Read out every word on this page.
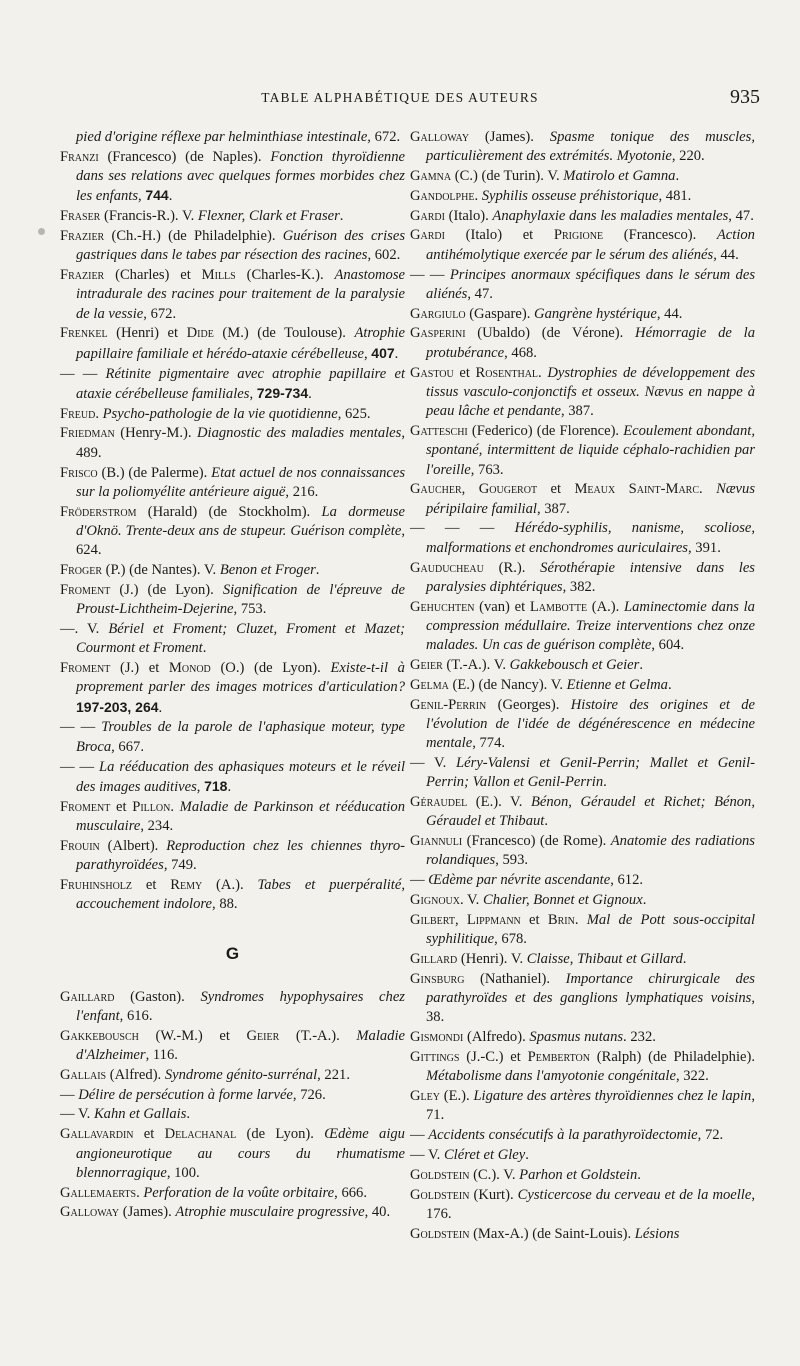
TABLE ALPHABÉTIQUE DES AUTEURS	935

pied d'origine réflexe par helminthiase intestinale, 672.

Franzi (Francesco) (de Naples). Fonction thyroïdienne dans ses relations avec quelques formes morbides chez les enfants, 744.

Fraser (Francis-R.). V. Flexner, Clark et Fraser.

Frazier (Ch.-H.) (de Philadelphie). Guérison des crises gastriques dans le tabes par résection des racines, 602.

Frazier (Charles) et Mills (Charles-K.). Anastomose intradurale des racines pour traitement de la paralysie de la vessie, 672.

Frenkel (Henri) et Dide (M.) (de Toulouse). Atrophie papillaire familiale et hérédo-ataxie cérébelleuse, 407.

— — Rétinite pigmentaire avec atrophie papillaire et ataxie cérébelleuse familiales, 729-734.

Freud. Psycho-pathologie de la vie quotidienne, 625.

Friedman (Henry-M.). Diagnostic des maladies mentales, 489.

Frisco (B.) (de Palerme). Etat actuel de nos connaissances sur la poliomyélite antérieure aiguë, 216.

Fröderstrom (Harald) (de Stockholm). La dormeuse d'Oknö. Trente-deux ans de stupeur. Guérison complète, 624.

Froger (P.) (de Nantes). V. Benon et Froger.

Froment (J.) (de Lyon). Signification de l'épreuve de Proust-Lichtheim-Dejerine, 753.

—. V. Bériel et Froment; Cluzet, Froment et Mazet; Courmont et Froment.

Froment (J.) et Monod (O.) (de Lyon). Existe-t-il à proprement parler des images motrices d'articulation? 197-203, 264.

— — Troubles de la parole de l'aphasique moteur, type Broca, 667.

— — La rééducation des aphasiques moteurs et le réveil des images auditives, 718.

Froment et Pillon. Maladie de Parkinson et rééducation musculaire, 234.

Frouin (Albert). Reproduction chez les chiennes thyro-parathyroïdées, 749.

Fruhinsholz et Remy (A.). Tabes et puerpéralité, accouchement indolore, 88.

G

Gaillard (Gaston). Syndromes hypophysaires chez l'enfant, 616.

Gakkebousch (W.-M.) et Geier (T.-A.). Maladie d'Alzheimer, 116.

Gallais (Alfred). Syndrome génito-surrénal, 221.

— Délire de persécution à forme larvée, 726.

— V. Kahn et Gallais.

Gallavardin et Delachanal (de Lyon). Œdème aigu angioneurotique au cours du rhumatisme blennorragique, 100.

Gallemaerts. Perforation de la voûte orbitaire, 666.

Galloway (James). Atrophie musculaire progressive, 40.

Galloway (James). Spasme tonique des muscles, particulièrement des extrémités. Myotonie, 220.

Gamna (C.) (de Turin). V. Matirolo et Gamna.

Gandolphe. Syphilis osseuse préhistorique, 481.

Gardi (Italo). Anaphylaxie dans les maladies mentales, 47.

Gardi (Italo) et Prigione (Francesco). Action antihémolytique exercée par le sérum des aliénés, 44.

— — Principes anormaux spécifiques dans le sérum des aliénés, 47.

Gargiulo (Gaspare). Gangrène hystérique, 44.

Gasperini (Ubaldo) (de Vérone). Hémorragie de la protubérance, 468.

Gastou et Rosenthal. Dystrophies de développement des tissus vasculo-conjonctifs et osseux. Nævus en nappe à peau lâche et pendante, 387.

Gatteschi (Federico) (de Florence). Ecoulement abondant, spontané, intermittent de liquide céphalo-rachidien par l'oreille, 763.

Gaucher, Gougerot et Meaux Saint-Marc. Nævus péripilaire familial, 387.

— — — Hérédo-syphilis, nanisme, scoliose, malformations et enchondromes auriculaires, 391.

Gauducheau (R.). Sérothérapie intensive dans les paralysies diphtériques, 382.

Gehuchten (van) et Lambotte (A.). Laminectomie dans la compression médullaire. Treize interventions chez onze malades. Un cas de guérison complète, 604.

Geier (T.-A.). V. Gakkebousch et Geier.

Gelma (E.) (de Nancy). V. Etienne et Gelma.

Genil-Perrin (Georges). Histoire des origines et de l'évolution de l'idée de dégénérescence en médecine mentale, 774.

— V. Léry-Valensi et Genil-Perrin; Mallet et Genil-Perrin; Vallon et Genil-Perrin.

Géraudel (E.). V. Bénon, Géraudel et Richet; Bénon, Géraudel et Thibaut.

Giannuli (Francesco) (de Rome). Anatomie des radiations rolandiques, 593.

— Œdème par névrite ascendante, 612.

Gignoux. V. Chalier, Bonnet et Gignoux.

Gilbert, Lippmann et Brin. Mal de Pott sous-occipital syphilitique, 678.

Gillard (Henri). V. Claisse, Thibaut et Gillard.

Ginsburg (Nathaniel). Importance chirurgicale des parathyroïdes et des ganglions lymphatiques voisins, 38.

Gismondi (Alfredo). Spasmus nutans. 232.

Gittings (J.-C.) et Pemberton (Ralph) (de Philadelphie). Métabolisme dans l'amyotonie congénitale, 322.

Gley (E.). Ligature des artères thyroïdiennes chez le lapin, 71.

— Accidents consécutifs à la parathyroïdectomie, 72.

— V. Cléret et Gley.

Goldstein (C.). V. Parhon et Goldstein.

Goldstein (Kurt). Cysticercose du cerveau et de la moelle, 176.

Goldstein (Max-A.) (de Saint-Louis). Lésions
